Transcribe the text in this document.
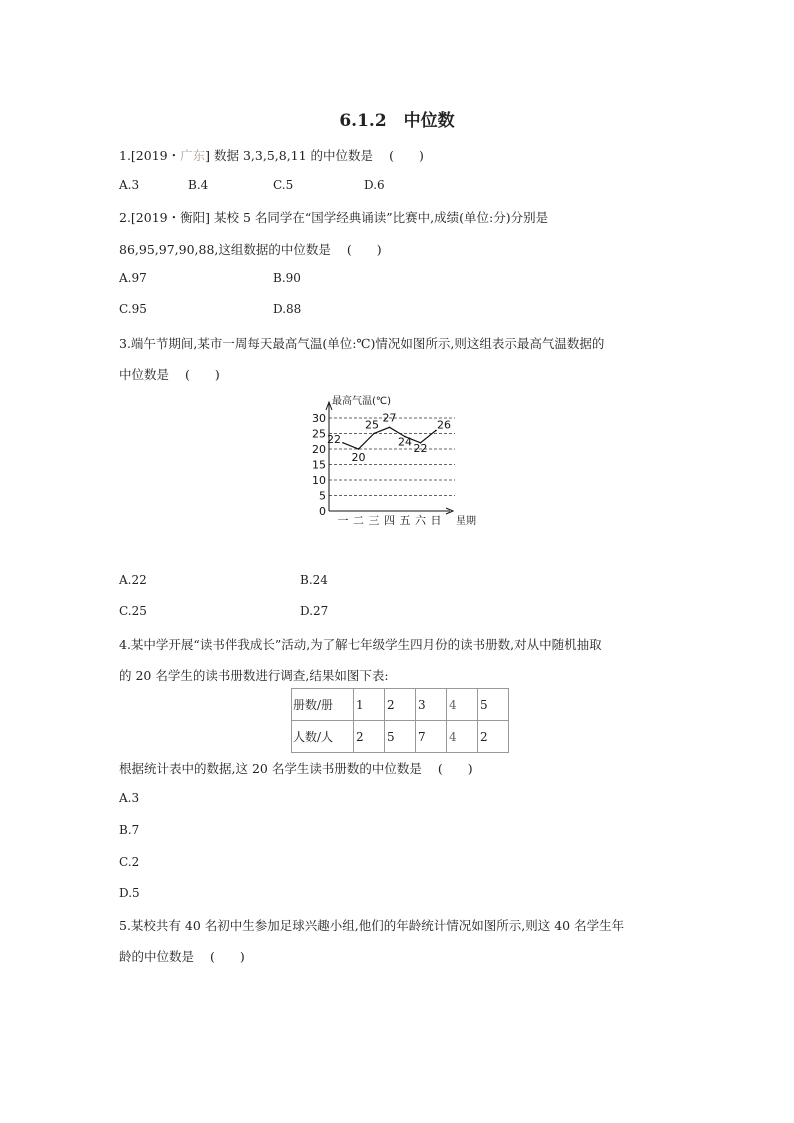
6.1.2　中位数
1.[2019・广东] 数据 3,3,5,8,11 的中位数是 (　　)
A.3	B.4	C.5	D.6
2.[2019・衡阳] 某校 5 名同学在“国学经典诵读”比赛中,成绩(单位:分)分别是
86,95,97,90,88,这组数据的中位数是 (　　)
A.97	B.90
C.95	D.88
3.端午节期间,某市一周每天最高气温(单位:℃)情况如图所示,则这组表示最高气温数据的
中位数是 (　　)
0
5
10
15
20
25
30
一 二 三 四 五 六 日
22
20
25
27
24 22
26
最高气温(℃)
星期
A.22	B.24
C.25	D.27
4.某中学开展“读书伴我成长”活动,为了解七年级学生四月份的读书册数,对从中随机抽取
的 20 名学生的读书册数进行调查,结果如图下表:
册数/册	1	2	3	4	5
人数/人	2	5	7	4	2
根据统计表中的数据,这 20 名学生读书册数的中位数是 (　　)
A.3
B.7
C.2
D.5
5.某校共有 40 名初中生参加足球兴趣小组,他们的年龄统计情况如图所示,则这 40 名学生年
龄的中位数是 (　　)
